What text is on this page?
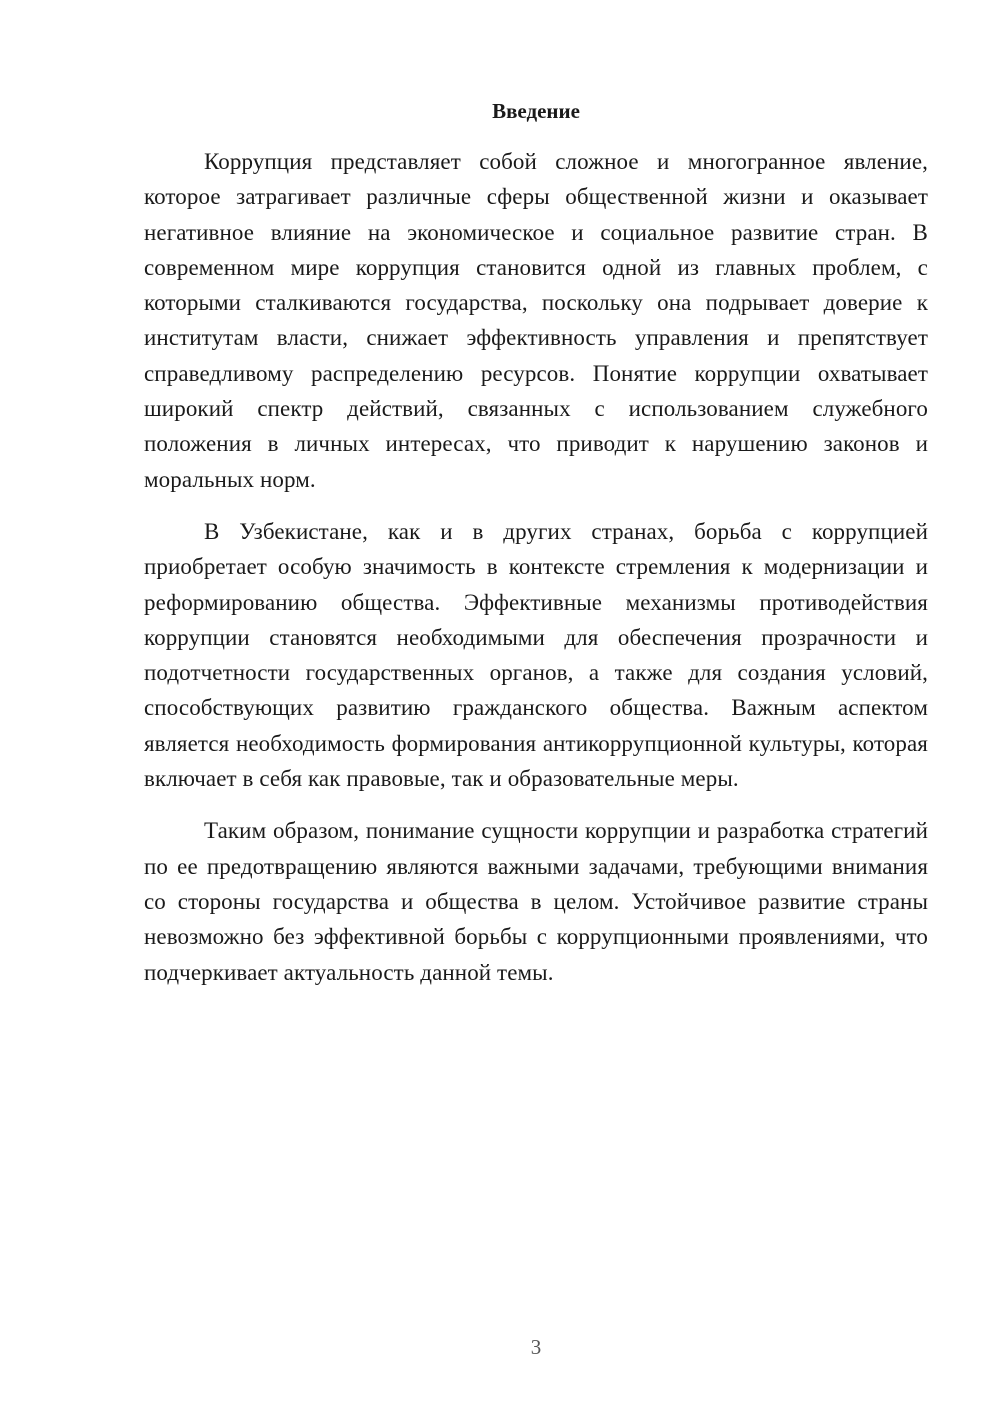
Введение

Коррупция представляет собой сложное и многогранное явление, которое затрагивает различные сферы общественной жизни и оказывает негативное влияние на экономическое и социальное развитие стран. В современном мире коррупция становится одной из главных проблем, с которыми сталкиваются государства, поскольку она подрывает доверие к институтам власти, снижает эффективность управления и препятствует справедливому распределению ресурсов. Понятие коррупции охватывает широкий спектр действий, связанных с использованием служебного положения в личных интересах, что приводит к нарушению законов и моральных норм.

В Узбекистане, как и в других странах, борьба с коррупцией приобретает особую значимость в контексте стремления к модернизации и реформированию общества. Эффективные механизмы противодействия коррупции становятся необходимыми для обеспечения прозрачности и подотчетности государственных органов, а также для создания условий, способствующих развитию гражданского общества. Важным аспектом является необходимость формирования антикоррупционной культуры, которая включает в себя как правовые, так и образовательные меры.

Таким образом, понимание сущности коррупции и разработка стратегий по ее предотвращению являются важными задачами, требующими внимания со стороны государства и общества в целом. Устойчивое развитие страны невозможно без эффективной борьбы с коррупционными проявлениями, что подчеркивает актуальность данной темы.

3
